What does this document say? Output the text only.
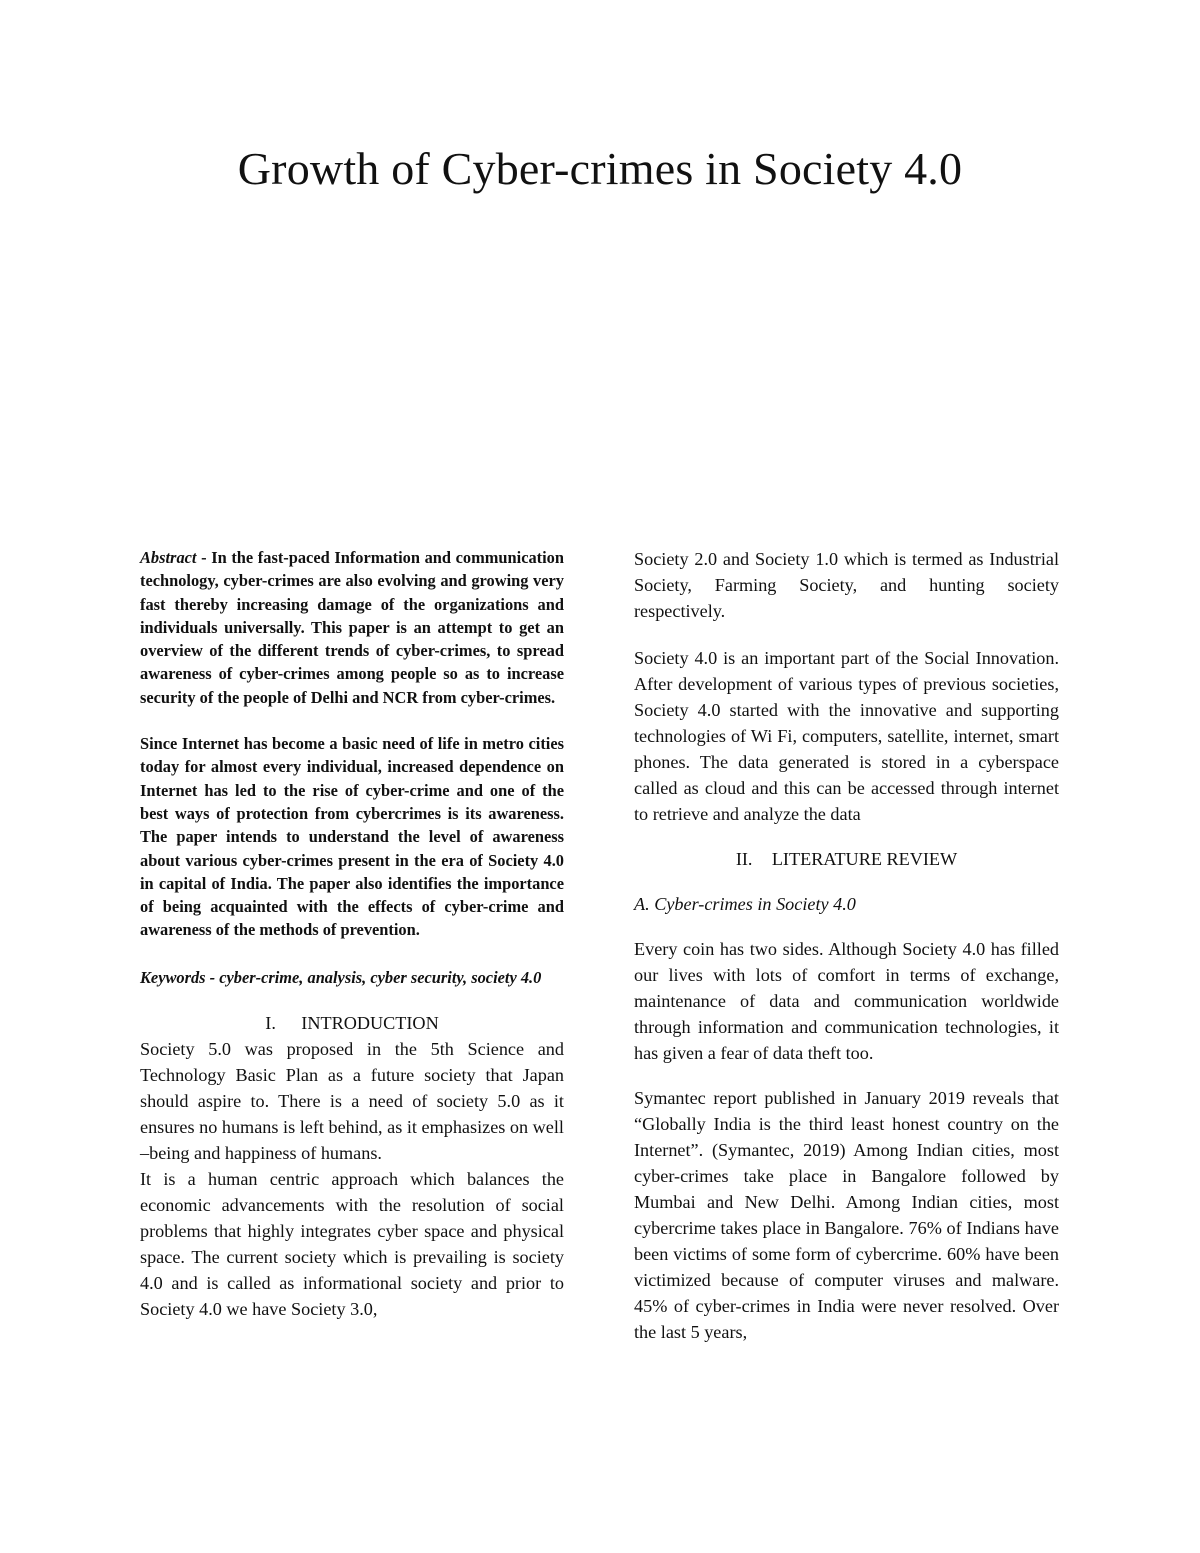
Growth of Cyber-crimes in Society 4.0

Abstract - In the fast-paced Information and communication technology, cyber-crimes are also evolving and growing very fast thereby increasing damage of the organizations and individuals universally. This paper is an attempt to get an overview of the different trends of cyber-crimes, to spread awareness of cyber-crimes among people so as to increase security of the people of Delhi and NCR from cyber-crimes.

Since Internet has become a basic need of life in metro cities today for almost every individual, increased dependence on Internet has led to the rise of cyber-crime and one of the best ways of protection from cybercrimes is its awareness. The paper intends to understand the level of awareness about various cyber-crimes present in the era of Society 4.0 in capital of India. The paper also identifies the importance of being acquainted with the effects of cyber-crime and awareness of the methods of prevention.

Keywords - cyber-crime, analysis, cyber security, society 4.0

I. INTRODUCTION

Society 5.0 was proposed in the 5th Science and Technology Basic Plan as a future society that Japan should aspire to. There is a need of society 5.0 as it ensures no humans is left behind, as it emphasizes on well –being and happiness of humans.

It is a human centric approach which balances the economic advancements with the resolution of social problems that highly integrates cyber space and physical space. The current society which is prevailing is society 4.0 and is called as informational society and prior to Society 4.0 we have Society 3.0,

Society 2.0 and Society 1.0 which is termed as Industrial Society, Farming Society, and hunting society respectively.

Society 4.0 is an important part of the Social Innovation. After development of various types of previous societies, Society 4.0 started with the innovative and supporting technologies of Wi Fi, computers, satellite, internet, smart phones. The data generated is stored in a cyberspace called as cloud and this can be accessed through internet to retrieve and analyze the data

II. LITERATURE REVIEW

A. Cyber-crimes in Society 4.0

Every coin has two sides. Although Society 4.0 has filled our lives with lots of comfort in terms of exchange, maintenance of data and communication worldwide through information and communication technologies, it has given a fear of data theft too.

Symantec report published in January 2019 reveals that “Globally India is the third least honest country on the Internet”. (Symantec, 2019) Among Indian cities, most cyber-crimes take place in Bangalore followed by Mumbai and New Delhi. Among Indian cities, most cybercrime takes place in Bangalore. 76% of Indians have been victims of some form of cybercrime. 60% have been victimized because of computer viruses and malware. 45% of cyber-crimes in India were never resolved. Over the last 5 years,
